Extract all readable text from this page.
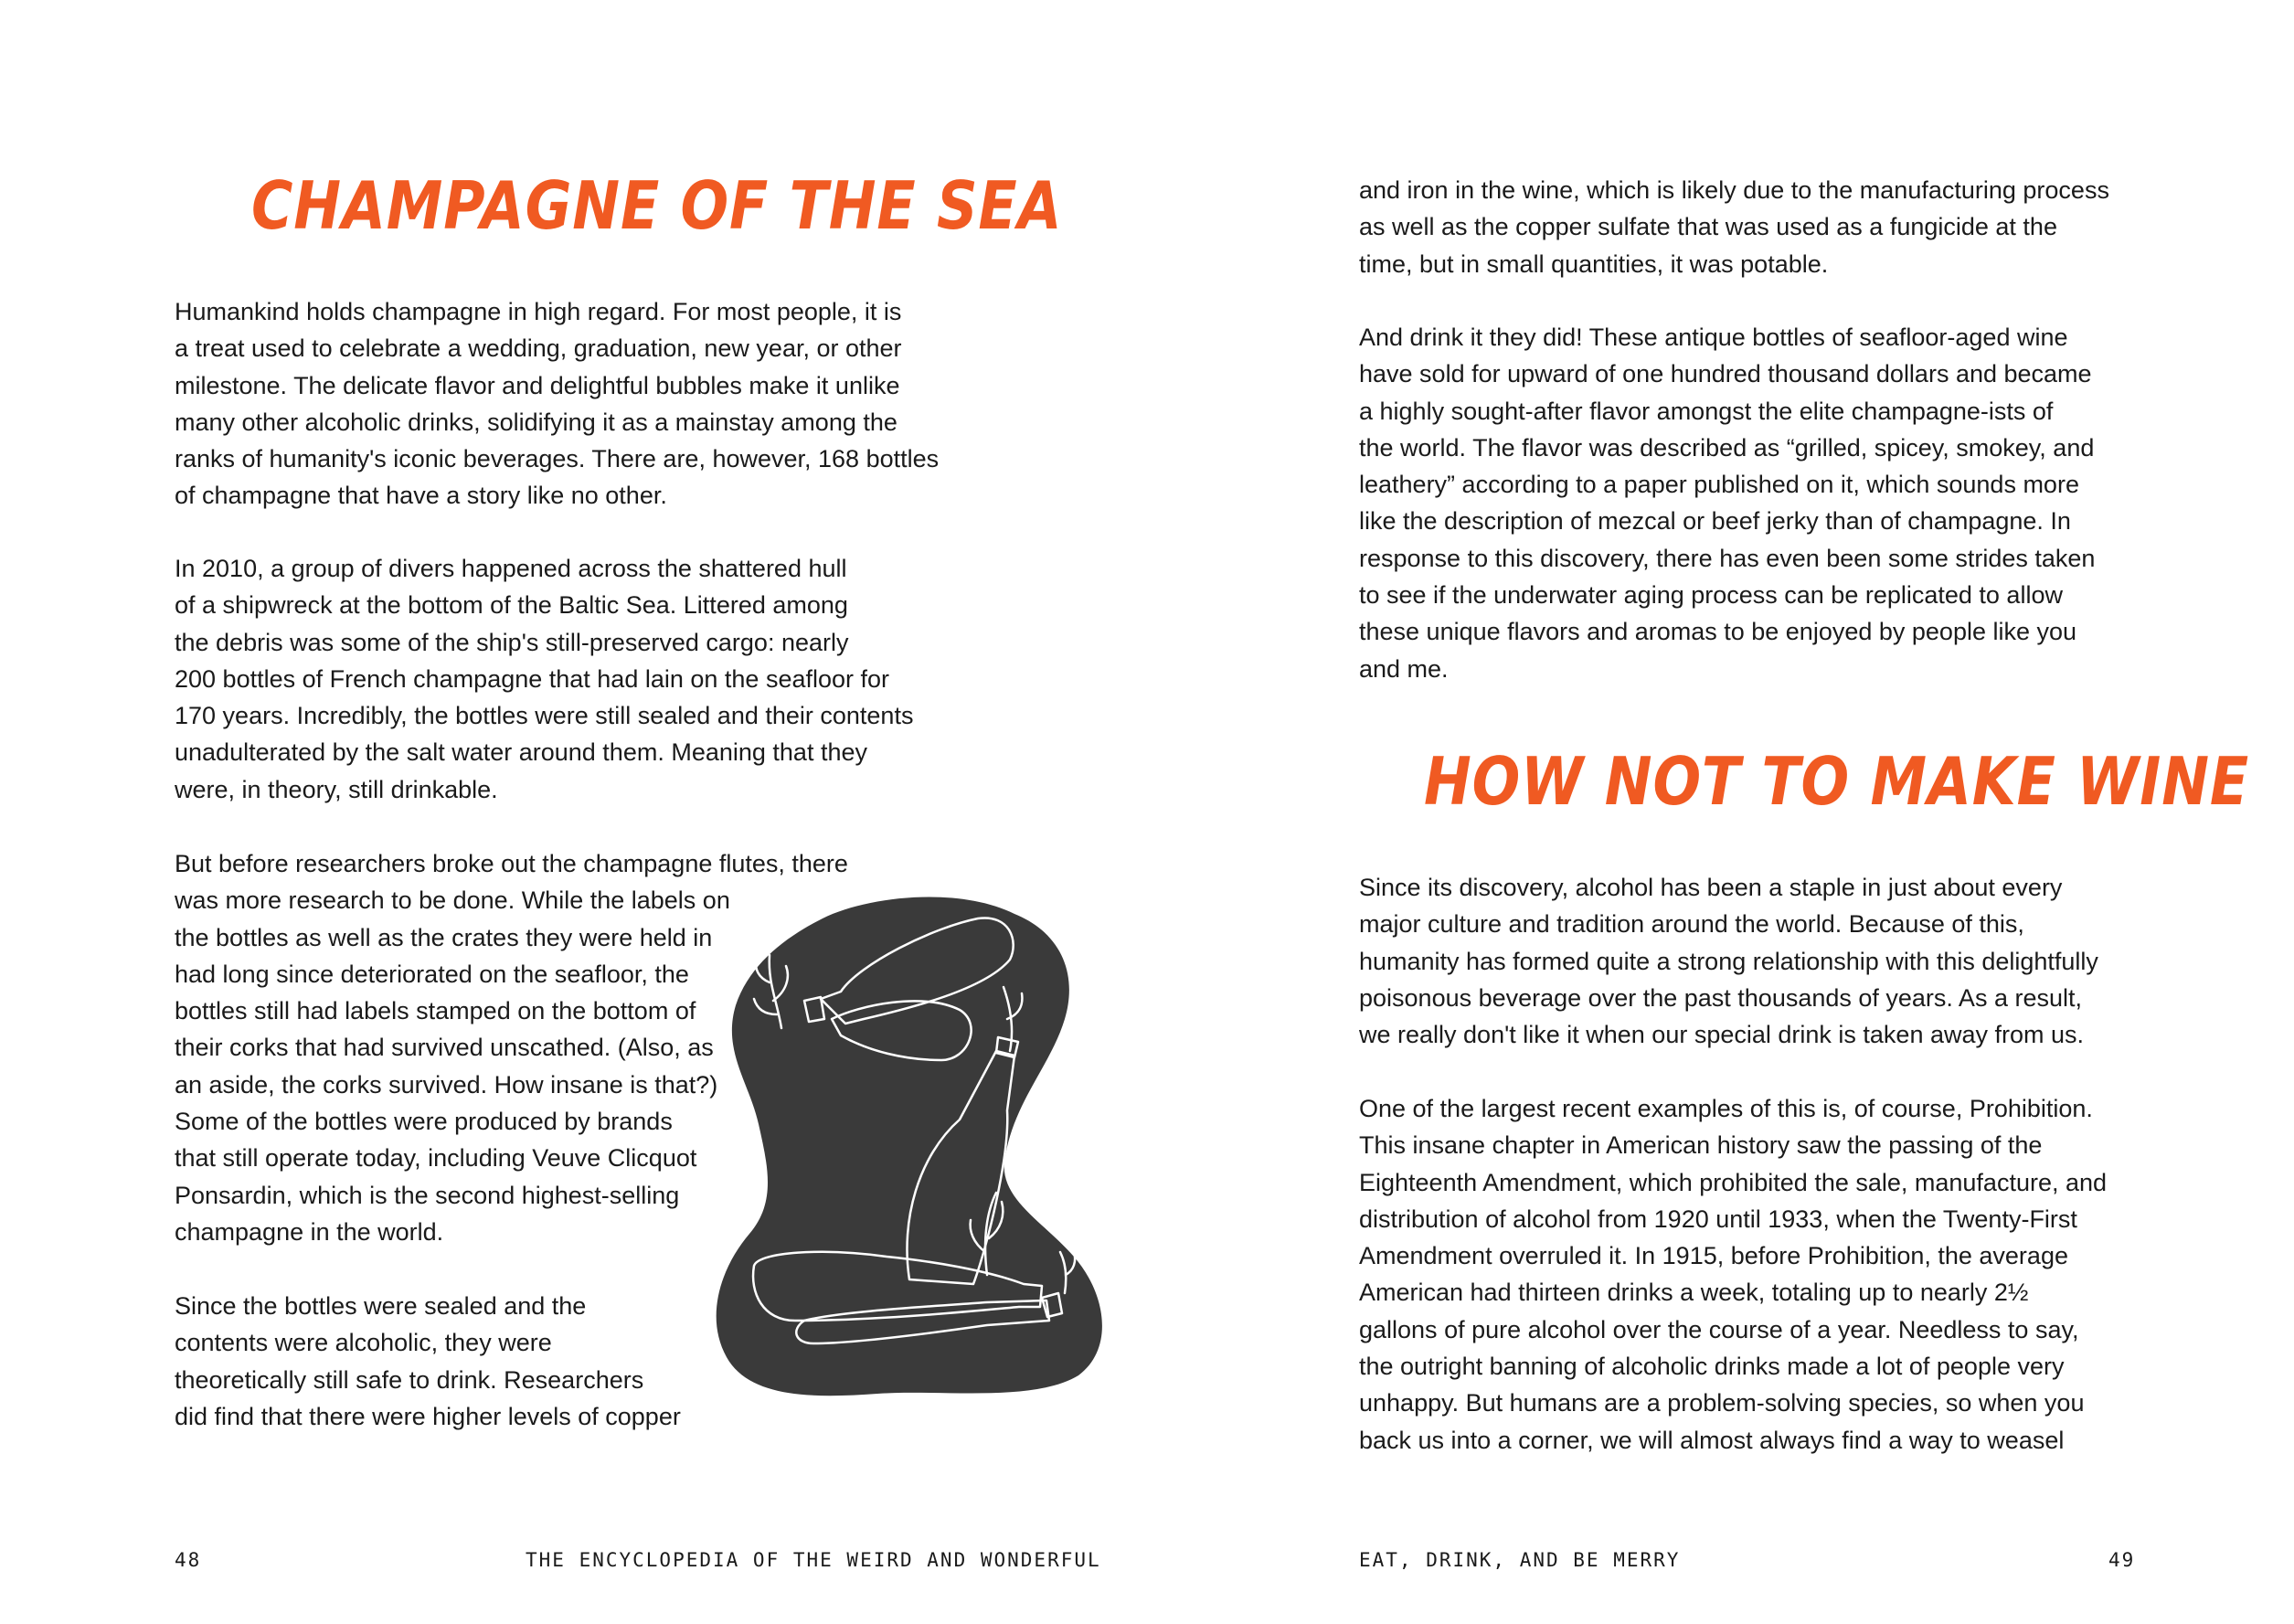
CHAMPAGNE OF THE SEA
Humankind holds champagne in high regard. For most people, it is
a treat used to celebrate a wedding, graduation, new year, or other
milestone. The delicate flavor and delightful bubbles make it unlike
many other alcoholic drinks, solidifying it as a mainstay among the
ranks of humanity's iconic beverages. There are, however, 168 bottles
of champagne that have a story like no other.
In 2010, a group of divers happened across the shattered hull
of a shipwreck at the bottom of the Baltic Sea. Littered among
the debris was some of the ship's still-preserved cargo: nearly
200 bottles of French champagne that had lain on the seafloor for
170 years. Incredibly, the bottles were still sealed and their contents
unadulterated by the salt water around them. Meaning that they
were, in theory, still drinkable.
But before researchers broke out the champagne flutes, there
was more research to be done. While the labels on
the bottles as well as the crates they were held in
had long since deteriorated on the seafloor, the
bottles still had labels stamped on the bottom of
their corks that had survived unscathed. (Also, as
an aside, the corks survived. How insane is that?)
Some of the bottles were produced by brands
that still operate today, including Veuve Clicquot
Ponsardin, which is the second highest-selling
champagne in the world.
Since the bottles were sealed and the
contents were alcoholic, they were
theoretically still safe to drink. Researchers
did find that there were higher levels of copper
48	THE ENCYCLOPEDIA OF THE WEIRD AND WONDERFUL
and iron in the wine, which is likely due to the manufacturing process
as well as the copper sulfate that was used as a fungicide at the
time, but in small quantities, it was potable.
And drink it they did! These antique bottles of seafloor-aged wine
have sold for upward of one hundred thousand dollars and became
a highly sought-after flavor amongst the elite champagne-ists of
the world. The flavor was described as “grilled, spicey, smokey, and
leathery” according to a paper published on it, which sounds more
like the description of mezcal or beef jerky than of champagne. In
response to this discovery, there has even been some strides taken
to see if the underwater aging process can be replicated to allow
these unique flavors and aromas to be enjoyed by people like you
and me.
HOW NOT TO MAKE WINE
Since its discovery, alcohol has been a staple in just about every
major culture and tradition around the world. Because of this,
humanity has formed quite a strong relationship with this delightfully
poisonous beverage over the past thousands of years. As a result,
we really don't like it when our special drink is taken away from us.
One of the largest recent examples of this is, of course, Prohibition.
This insane chapter in American history saw the passing of the
Eighteenth Amendment, which prohibited the sale, manufacture, and
distribution of alcohol from 1920 until 1933, when the Twenty-First
Amendment overruled it. In 1915, before Prohibition, the average
American had thirteen drinks a week, totaling up to nearly 2½
gallons of pure alcohol over the course of a year. Needless to say,
the outright banning of alcoholic drinks made a lot of people very
unhappy. But humans are a problem-solving species, so when you
back us into a corner, we will almost always find a way to weasel
EAT, DRINK, AND BE MERRY	49
